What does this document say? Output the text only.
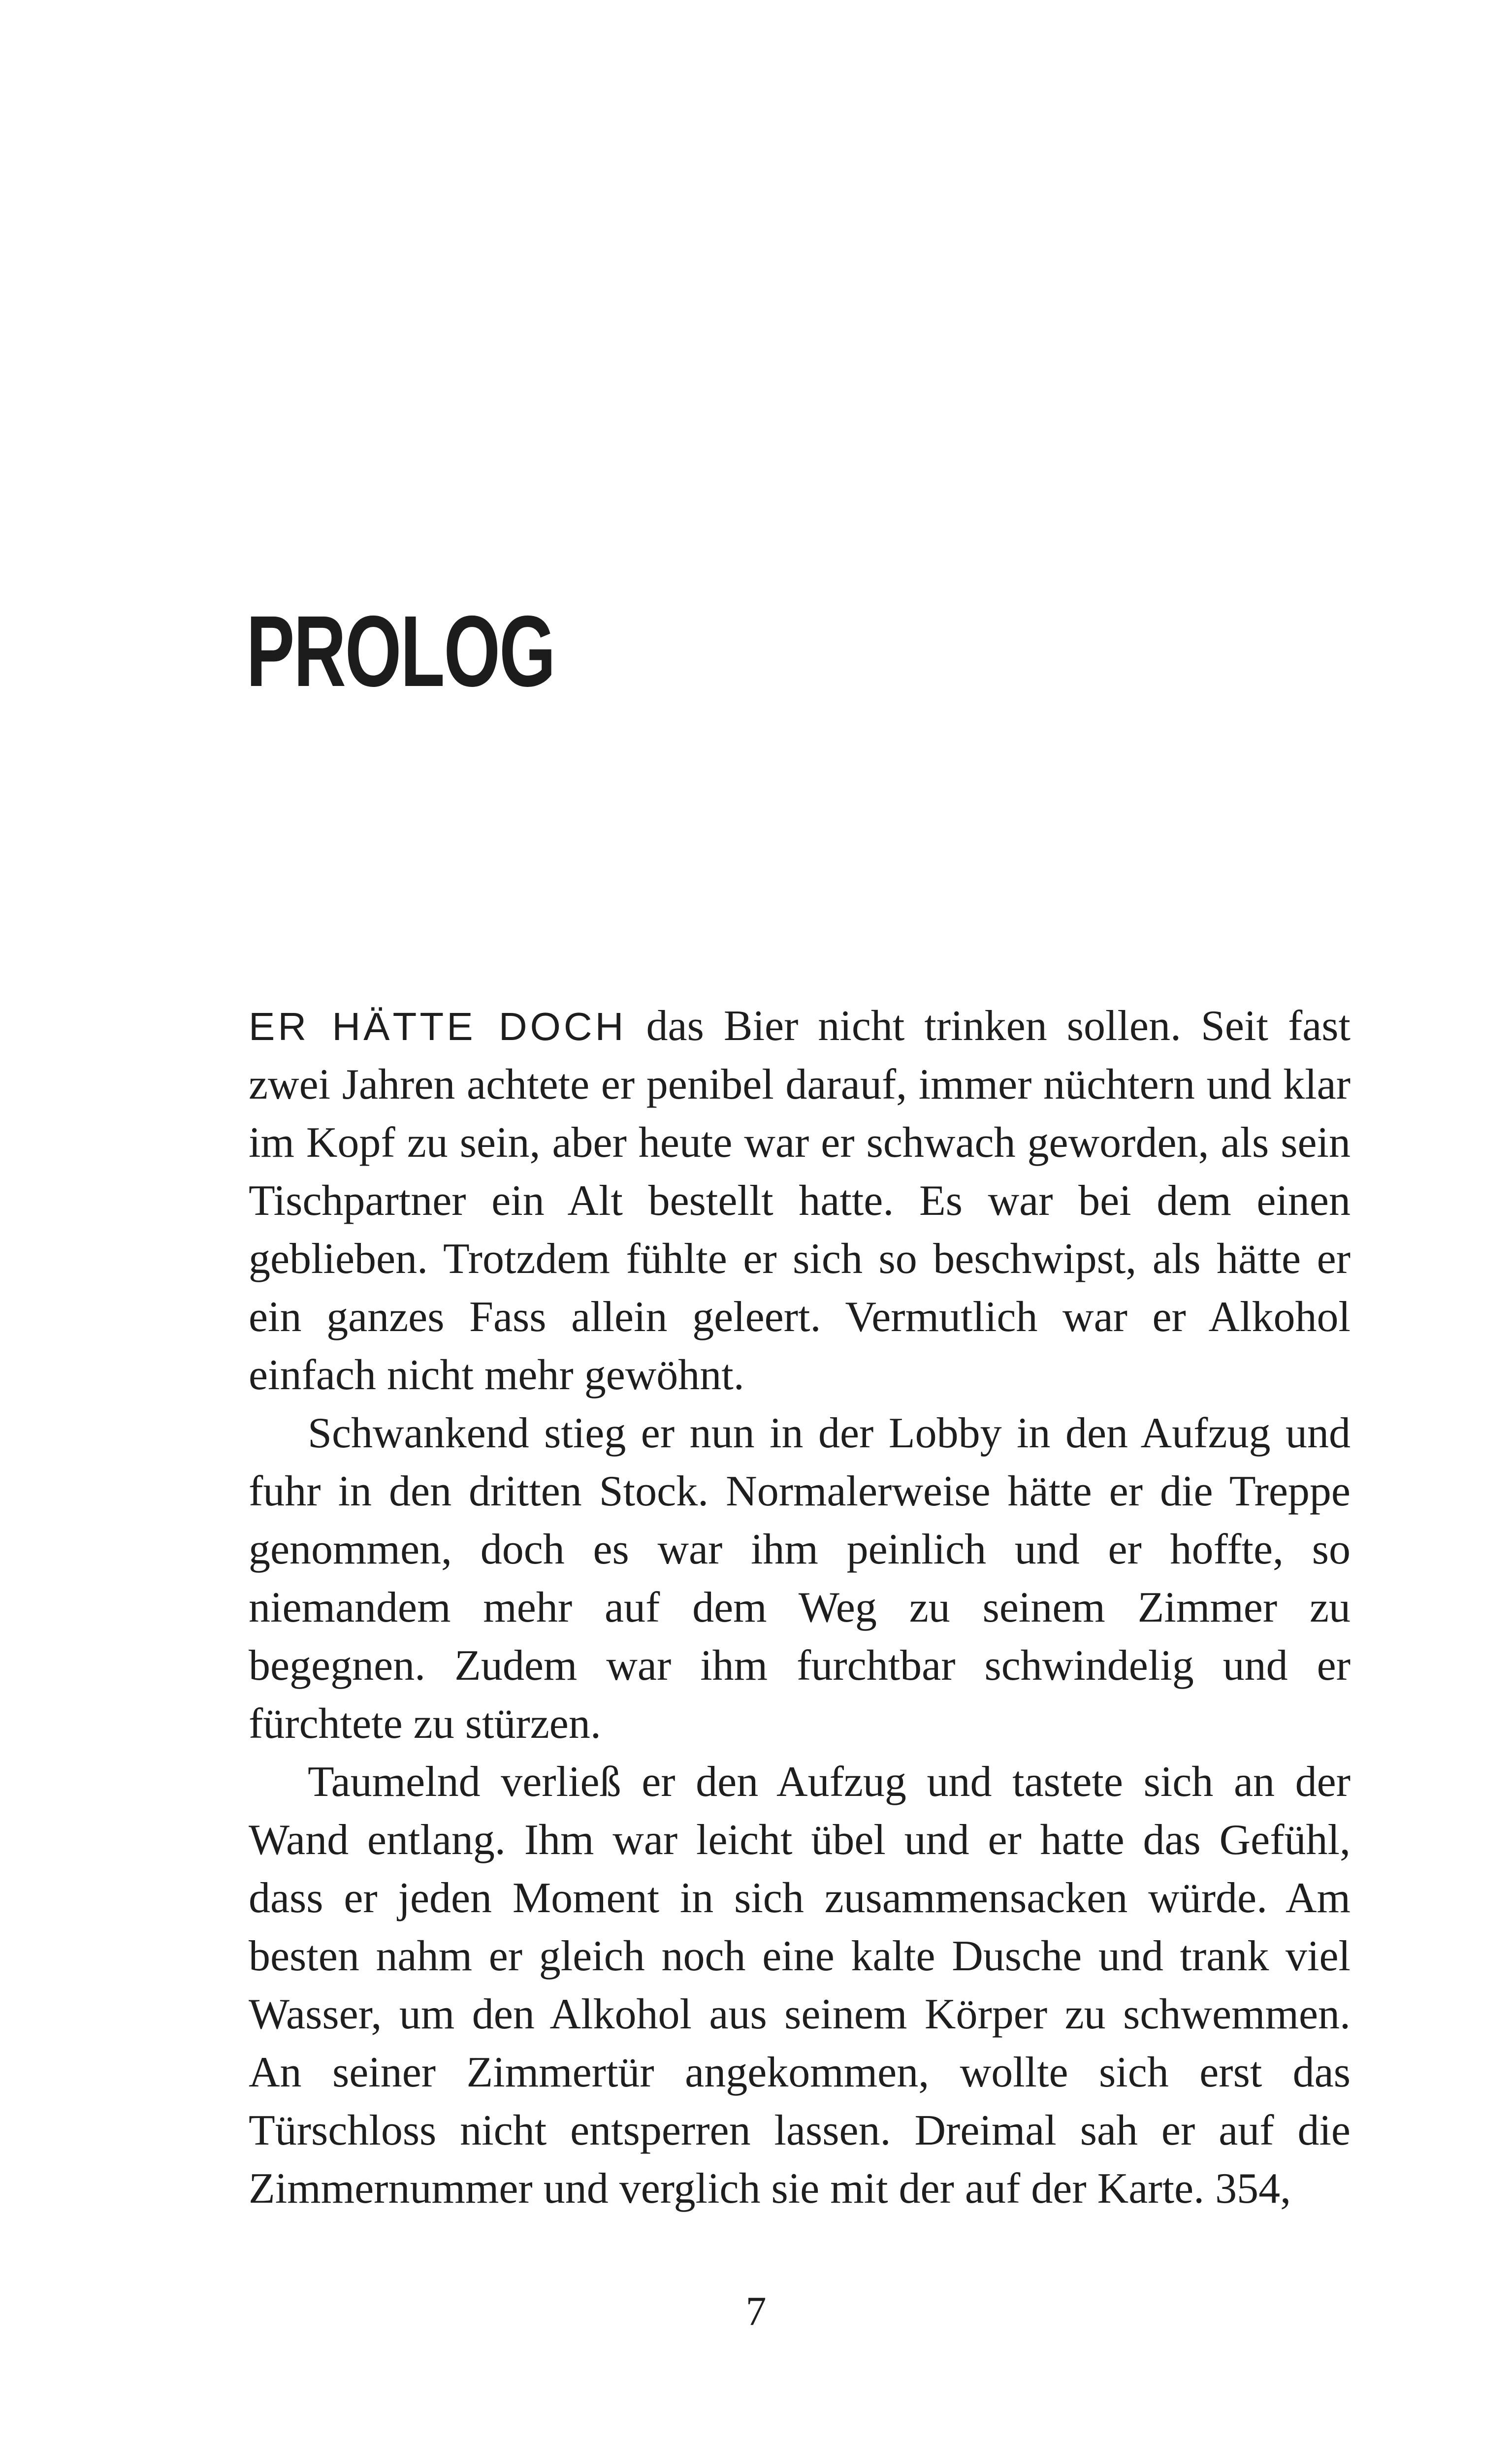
PROLOG

ER HÄTTE DOCH das Bier nicht trinken sollen. Seit fast zwei Jahren achtete er penibel darauf, immer nüchtern und klar im Kopf zu sein, aber heute war er schwach geworden, als sein Tischpartner ein Alt bestellt hatte. Es war bei dem einen geblieben. Trotzdem fühlte er sich so beschwipst, als hätte er ein ganzes Fass allein geleert. Vermutlich war er Alkohol einfach nicht mehr gewöhnt.

Schwankend stieg er nun in der Lobby in den Aufzug und fuhr in den dritten Stock. Normalerweise hätte er die Treppe genommen, doch es war ihm peinlich und er hoffte, so niemandem mehr auf dem Weg zu seinem Zimmer zu begegnen. Zudem war ihm furchtbar schwindelig und er fürchtete zu stürzen.

Taumelnd verließ er den Aufzug und tastete sich an der Wand entlang. Ihm war leicht übel und er hatte das Gefühl, dass er jeden Moment in sich zusammensacken würde. Am besten nahm er gleich noch eine kalte Dusche und trank viel Wasser, um den Alkohol aus seinem Körper zu schwemmen. An seiner Zimmertür angekommen, wollte sich erst das Türschloss nicht entsperren lassen. Dreimal sah er auf die Zimmernummer und verglich sie mit der auf der Karte. 354,

7
